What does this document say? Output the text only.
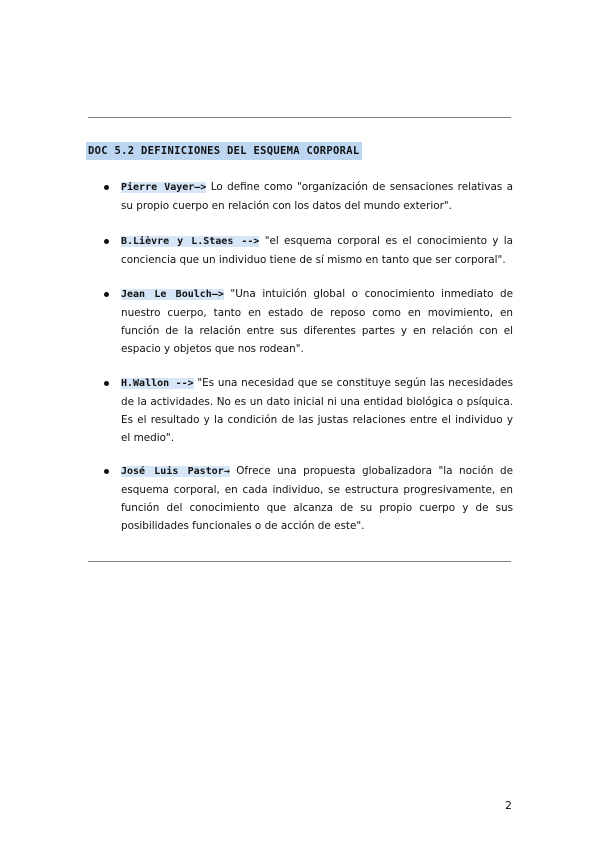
DOC 5.2 DEFINICIONES DEL ESQUEMA CORPORAL
Pierre Vayer—> Lo define como "organización de sensaciones relativas a su propio cuerpo en relación con los datos del mundo exterior".
B.Lièvre y L.Staes --> "el esquema corporal es el conocimiento y la conciencia que un individuo tiene de sí mismo en tanto que ser corporal".
Jean Le Boulch—> "Una intuición global o conocimiento inmediato de nuestro cuerpo, tanto en estado de reposo como en movimiento, en función de la relación entre sus diferentes partes y en relación con el espacio y objetos que nos rodean".
H.Wallon --> "Es una necesidad que se constituye según las necesidades de la actividades. No es un dato inicial ni una entidad biológica o psíquica. Es el resultado y la condición de las justas relaciones entre el individuo y el medio".
José Luis Pastor→ Ofrece una propuesta globalizadora "la noción de esquema corporal, en cada individuo, se estructura progresivamente, en función del conocimiento que alcanza de su propio cuerpo y de sus posibilidades funcionales o de acción de este".
2
